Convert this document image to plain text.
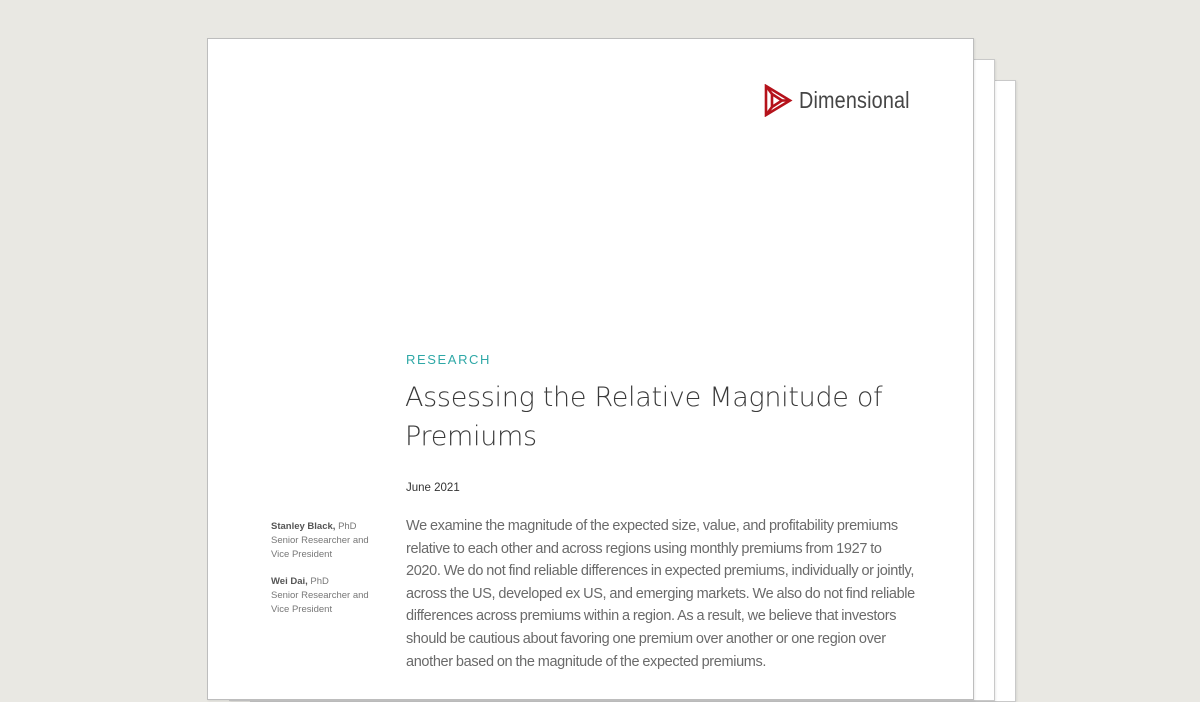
Dimensional
RESEARCH
Assessing the Relative Magnitude of Premiums
June 2021
Stanley Black, PhD
Senior Researcher and
Vice President
Wei Dai, PhD
Senior Researcher and
Vice President

We examine the magnitude of the expected size, value, and profitability premiums relative to each other and across regions using monthly premiums from 1927 to 2020. We do not find reliable differences in expected premiums, individually or jointly, across the US, developed ex US, and emerging markets. We also do not find reliable differences across premiums within a region. As a result, we believe that investors should be cautious about favoring one premium over another or one region over another based on the magnitude of the expected premiums.
